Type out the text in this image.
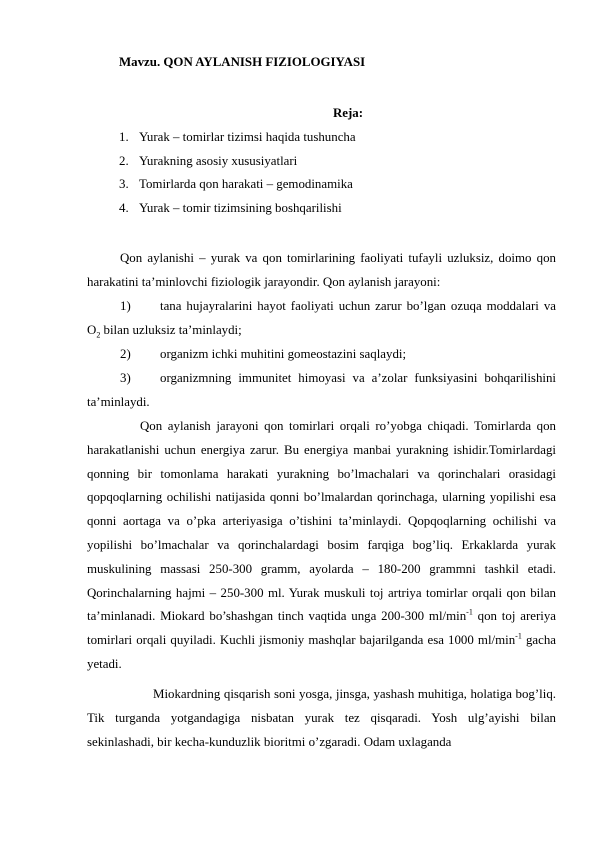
Mavzu. QON AYLANISH FIZIOLOGIYASI
Reja:
1. Yurak – tomirlar tizimsi haqida tushuncha
2. Yurakning asosiy xususiyatlari
3. Tomirlarda qon harakati – gemodinamika
4. Yurak – tomir tizimsining boshqarilishi

Qon aylanishi – yurak va qon tomirlarining faoliyati tufayli uzluksiz, doimo qon harakatini ta’minlovchi fiziologik jarayondir. Qon aylanish jarayoni:

1) tana hujayralarini hayot faoliyati uchun zarur bo’lgan ozuqa moddalari va $O_2$ bilan uzluksiz ta’minlaydi;

2) organizm ichki muhitini gomeostazini saqlaydi;

3) organizmning immunitet himoyasi va a’zolar funksiyasini bohqarilishini ta’minlaydi.

Qon aylanish jarayoni qon tomirlari orqali ro’yobga chiqadi. Tomirlarda qon harakatlanishi uchun energiya zarur. Bu energiya manbai yurakning ishidir.Tomirlardagi qonning bir tomonlama harakati yurakning bo’lmachalari va qorinchalari orasidagi qopqoqlarning ochilishi natijasida qonni bo’lmalardan qorinchaga, ularning yopilishi esa qonni aortaga va o’pka arteriyasiga o’tishini ta’minlaydi. Qopqoqlarning ochilishi va yopilishi bo’lmachalar va qorinchalardagi bosim farqiga bog’liq. Erkaklarda yurak muskulining massasi 250-300 gramm, ayolarda – 180-200 grammni tashkil etadi. Qorinchalarning hajmi – 250-300 ml. Yurak muskuli toj artriya tomirlar orqali qon bilan ta’minlanadi. Miokard bo’shashgan tinch vaqtida unga 200-300 $ml/\min^{-1}$ qon toj areriya tomirlari orqali quyiladi. Kuchli jismoniy mashqlar bajarilganda esa 1000 $ml/\min^{-1}$ gacha yetadi.

Miokardning qisqarish soni yosga, jinsga, yashash muhitiga, holatiga bog’liq. Tik turganda yotgandagiga nisbatan yurak tez qisqaradi. Yosh ulg’ayishi bilan sekinlashadi, bir kecha-kunduzlik bioritmi o’zgaradi. Odam uxlaganda
